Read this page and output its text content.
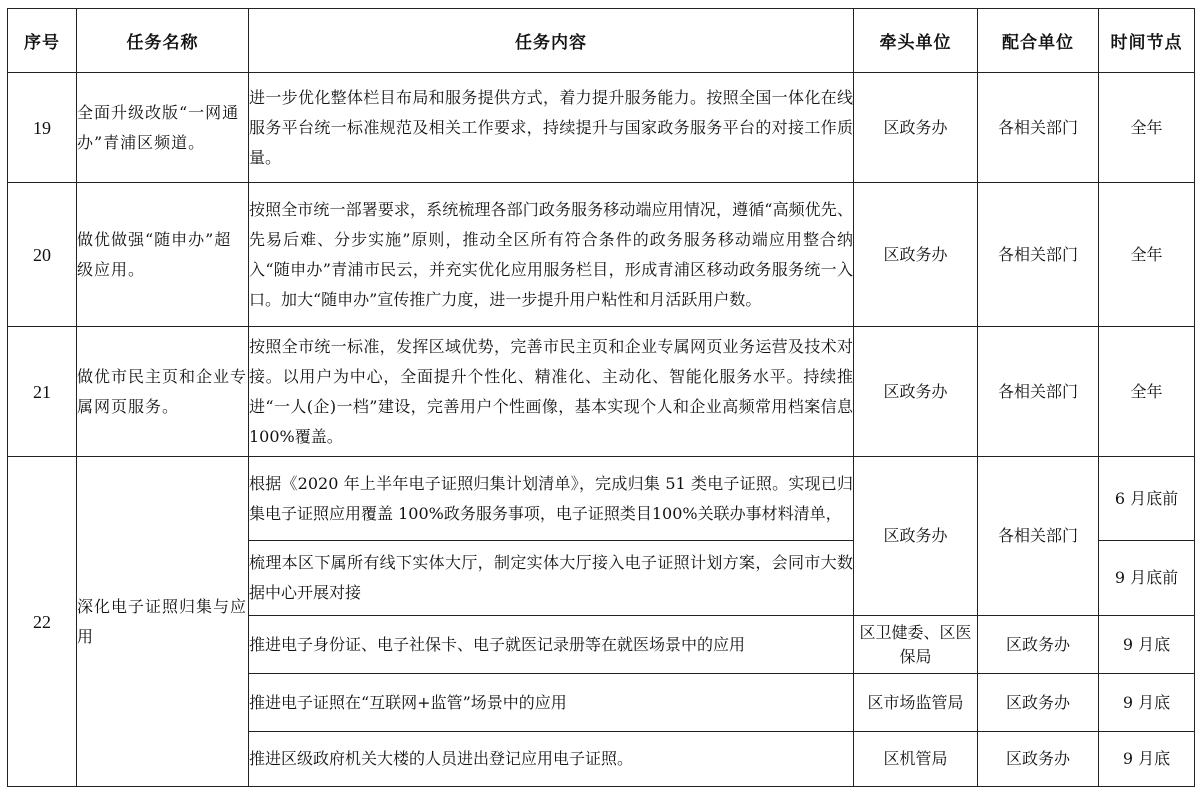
序号	任务名称	任务内容	牵头单位	配合单位	时间节点
19	全面升级改版“一网通办”青浦区频道。	进一步优化整体栏目布局和服务提供方式，着力提升服务能力。按照全国一体化在线服务平台统一标准规范及相关工作要求，持续提升与国家政务服务平台的对接工作质量。	区政务办	各相关部门	全年
20	做优做强“随申办”超级应用。	按照全市统一部署要求，系统梳理各部门政务服务移动端应用情况，遵循“高频优先、先易后难、分步实施”原则，推动全区所有符合条件的政务服务移动端应用整合纳入“随申办”青浦市民云，并充实优化应用服务栏目，形成青浦区移动政务服务统一入口。加大“随申办”宣传推广力度，进一步提升用户粘性和月活跃用户数。	区政务办	各相关部门	全年
21	做优市民主页和企业专属网页服务。	按照全市统一标准，发挥区域优势，完善市民主页和企业专属网页业务运营及技术对接。以用户为中心，全面提升个性化、精准化、主动化、智能化服务水平。持续推进“一人(企)一档”建设，完善用户个性画像，基本实现个人和企业高频常用档案信息 100%覆盖。	区政务办	各相关部门	全年
22	深化电子证照归集与应用	根据《2020 年上半年电子证照归集计划清单》，完成归集 51 类电子证照。实现已归集电子证照应用覆盖 100%政务服务事项，电子证照类目100%关联办事材料清单，	区政务办	各相关部门	6 月底前
		梳理本区下属所有线下实体大厅，制定实体大厅接入电子证照计划方案，会同市大数据中心开展对接			9 月底前
		推进电子身份证、电子社保卡、电子就医记录册等在就医场景中的应用	区卫健委、区医保局	区政务办	9 月底
		推进电子证照在“互联网+监管”场景中的应用	区市场监管局	区政务办	9 月底
		推进区级政府机关大楼的人员进出登记应用电子证照。	区机管局	区政务办	9 月底
